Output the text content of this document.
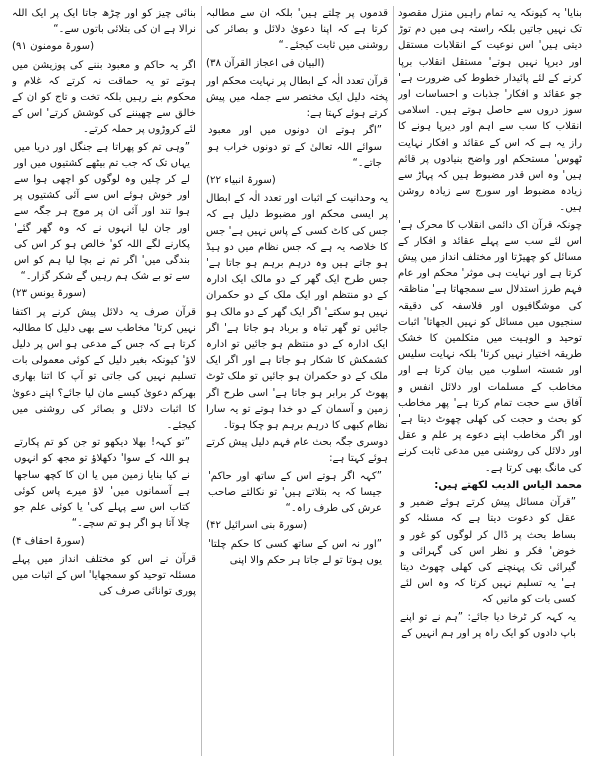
بنایا' یہ کیونکہ یہ تمام راہیں منزل مقصود تک نہیں جاتیں بلکہ راستہ ہی میں دم توڑ دیتی ہیں' اس نوعیت کے انقلابات مستقل اور دیرپا نہیں ہوتے' مستقل انقلاب برپا کرنے کے لئے پائیدار خطوط کی ضرورت ہے' جو عقائد و افکار' جذبات و احساسات اور سوز دروں سے حاصل ہوتے ہیں۔ اسلامی انقلاب کا سب سے اہم اور دیرپا ہونے کا راز یہ ہے کہ اس کے عقائد و افکار نہایت ٹھوس' مستحکم اور واضح بنیادوں پر قائم ہیں' وہ اس قدر مضبوط ہیں کہ پہاڑ سے زیادہ مضبوط اور سورج سے زیادہ روشن ہیں۔

چونکہ قرآن اک دائمی انقلاب کا محرک ہے' اس لئے سب سے پہلے عقائد و افکار کے مسائل کو چھیڑتا اور مختلف انداز میں پیش کرتا ہے اور نہایت ہی موثر' محکم اور عام فہم طرز استدلال سے سمجھاتا ہے' مناظقہ کی موشگافیوں اور فلاسفہ کی دقیقہ سنجیوں میں مسائل کو نہیں الجھاتا' اثبات توحید و الوہیت میں متکلمین کا خشک طریقہ اختیار نہیں کرتا' بلکہ نہایت سلیس اور شستہ اسلوب میں بیان کرتا ہے اور مخاطب کے مسلمات اور دلائل انفس و آفاق سے حجت تمام کرتا ہے' پھر مخاطب کو بحث و حجت کی کھلی چھوٹ دیتا ہے' اور اگر مخاطب اپنے دعوے پر علم و عقل اور دلائل کی روشنی میں مدعی ثابت کرنے کی مانگ بھی کرتا ہے۔

محمد الیاس الدیب لکھتے ہیں:

”قرآن مسائل پیش کرتے ہوئے ضمیر و عقل کو دعوت دیتا ہے کہ مسئلہ کو بساط بحث پر ڈال کر لوگوں کو غور و خوض' فکر و نظر اس کی گہرائی و گیرائی تک پہنچنے کی کھلی چھوٹ دیتا ہے' یہ تسلیم نہیں کرتا کہ وہ اس لئے کسی بات کو مانیں کہ

یہ کہہ کر ٹرخا دیا جائے: ”ہم نے تو اپنے باپ دادوں کو ایک راہ پر اور ہم انہیں کے

قدموں پر چلتے ہیں' بلکہ ان سے مطالبہ کرتا ہے کہ اپنا دعویٰ دلائل و بصائر کی روشنی میں ثابت کیجئے۔“

(البیان فی اعجاز القرآن ۳۸)

قرآن تعدد الٰہ کے ابطال پر نہایت محکم اور پختہ دلیل ایک مختصر سے جملہ میں پیش کرتے ہوئے کہتا ہے:

”اگر ہوتے ان دونوں میں اور معبود سوائے اللہ تعالیٰ کے تو دونوں خراب ہو جاتے۔“

(سورۃ انبیاء ۲۲)

یہ وحدانیت کے اثبات اور تعدد الٰہ کے ابطال پر ایسی محکم اور مضبوط دلیل ہے کہ جس کی کاٹ کسی کے پاس نہیں ہے' جس کا خلاصہ یہ ہے کہ جس نظام میں دو ہیڈ ہو جاتے ہیں وہ درہم برہم ہو جاتا ہے' جس طرح ایک گھر کے دو مالک ایک ادارہ کے دو منتظم اور ایک ملک کے دو حکمران نہیں ہو سکتے' اگر ایک گھر کے دو مالک ہو جائیں تو گھر تباہ و برباد ہو جاتا ہے' اگر ایک ادارہ کے دو منتظم ہو جائیں تو ادارہ کشمکش کا شکار ہو جاتا ہے اور اگر ایک ملک کے دو حکمران ہو جائیں تو ملک ٹوٹ پھوٹ کر برابر ہو جاتا ہے' اسی طرح اگر زمین و آسمان کے دو خدا ہوتے تو یہ سارا نظام کبھی کا درہم برہم ہو چکا ہوتا۔

دوسری جگہ بحث عام فہم دلیل پیش کرتے ہوئے کہتا ہے:

”کہہ اگر ہوتے اس کے ساتھ اور حاکم' جیسا کہ یہ بتلاتے ہیں' تو نکالتے صاحب عرش کی طرف راہ۔“

(سورۃ بنی اسرائیل ۴۲)

”اور نہ اس کے ساتھ کسی کا حکم چلتا' یوں ہوتا تو لے جاتا ہر حکم والا اپنی

بنائی چیز کو اور چڑھ جاتا ایک پر ایک اللہ نرالا ہے ان کی بتلائی باتوں سے۔“

(سورۃ مومنون ۹۱)

اگر یہ حاکم و معبود بننے کی پوزیشن میں ہوتے تو یہ حماقت نہ کرتے کہ غلام و محکوم بنے رہیں بلکہ تخت و تاج کو ان کے خالق سے چھیننے کی کوشش کرتے' اس کے لئے کروڑوں پر حملہ کرتے۔

”وہی تم کو پھراتا ہے جنگل اور دریا میں یہاں تک کہ جب تم بیٹھے کشتیوں میں اور لے کر چلیں وہ لوگوں کو اچھی ہوا سے اور خوش ہوئے اس سے آئی کشتیوں پر ہوا تند اور آئی ان پر موج ہر جگہ سے اور جان لیا انہوں نے کہ وہ گھر گئے' پکارنے لگے اللہ کو' خالص ہو کر اس کی بندگی میں' اگر تم نے بچا لیا ہم کو اس سے تو بے شک ہم رہیں گے شکر گزار۔“

(سورۃ یونس ۲۳)

قرآن صرف یہ دلائل پیش کرنے پر اکتفا نہیں کرتا' مخاطب سے بھی دلیل کا مطالبہ کرتا ہے کہ جس کے مدعی ہو اس پر دلیل لاؤ' کیونکہ بغیر دلیل کے کوئی معمولی بات تسلیم نہیں کی جاتی تو آپ کا اتنا بھاری بھرکم دعویٰ کیسے مان لیا جائے؟ اپنے دعویٰ کا اثبات دلائل و بصائر کی روشنی میں کیجئے۔

”تو کہہ! بھلا دیکھو تو جن کو تم پکارتے ہو اللہ کے سوا' دکھلاؤ تو مجھ کو انہوں نے کیا بنایا زمین میں یا ان کا کچھ ساجھا ہے آسمانوں میں' لاؤ میرے پاس کوئی کتاب اس سے پہلے کی' یا کوئی علم جو چلا آتا ہو اگر ہو تم سچے۔“

(سورۃ احقاف ۴)

قرآن نے اس کو مختلف انداز میں پہلے مسئلہ توحید کو سمجھایا' اس کے اثبات میں پوری توانائی صرف کی
